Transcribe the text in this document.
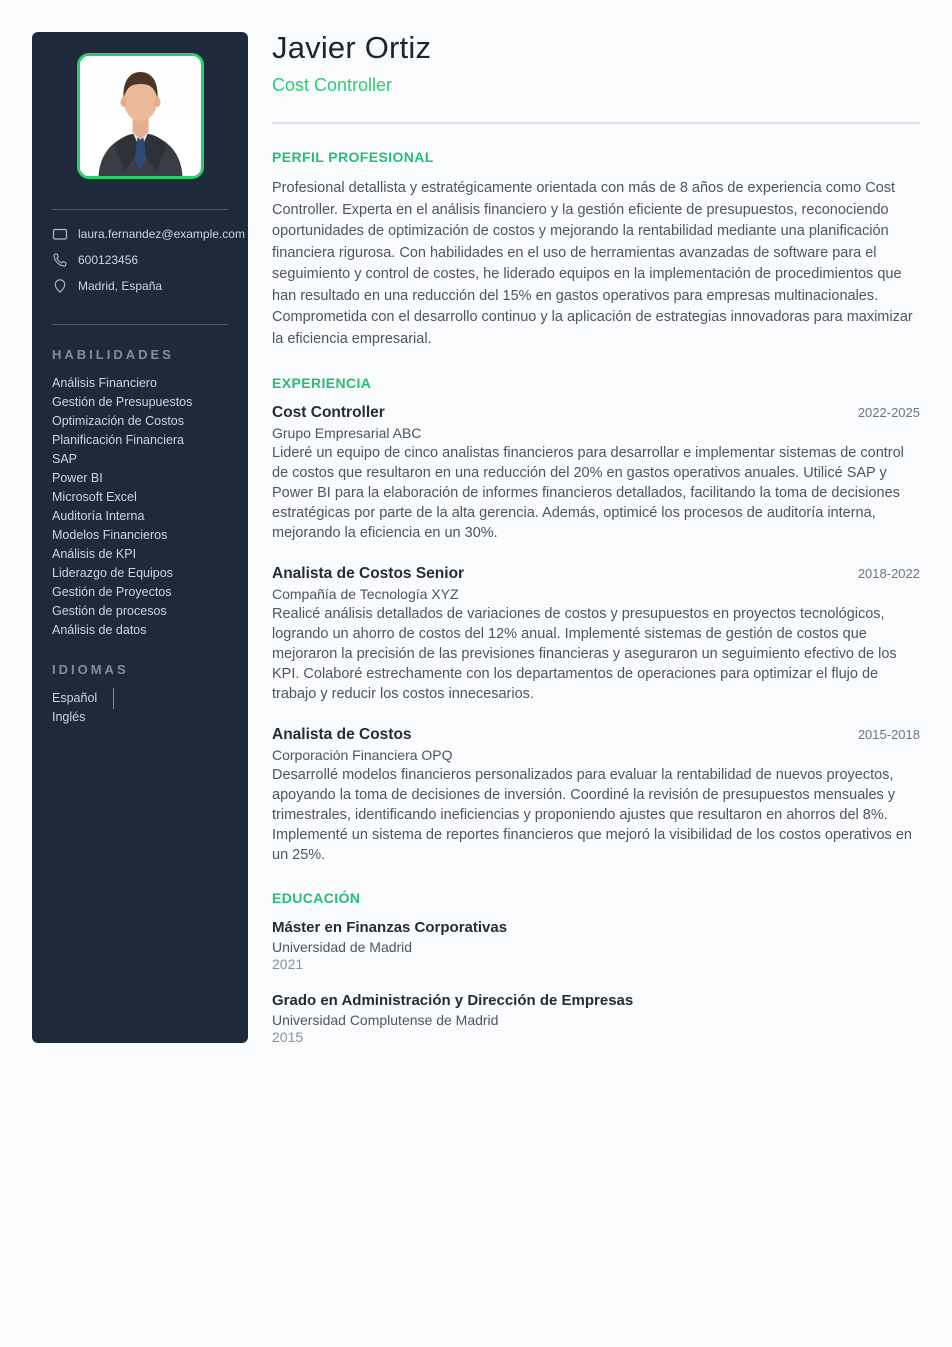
laura.fernandez@example.com
600123456
Madrid, España
HABILIDADES
Análisis Financiero
Gestión de Presupuestos
Optimización de Costos
Planificación Financiera
SAP
Power BI
Microsoft Excel
Auditoría Interna
Modelos Financieros
Análisis de KPI
Liderazgo de Equipos
Gestión de Proyectos
Gestión de procesos
Análisis de datos
IDIOMAS
Español
Inglés
Javier Ortiz
Cost Controller
PERFIL PROFESIONAL

Profesional detallista y estratégicamente orientada con más de 8 años de experiencia como Cost Controller. Experta en el análisis financiero y la gestión eficiente de presupuestos, reconociendo oportunidades de optimización de costos y mejorando la rentabilidad mediante una planificación financiera rigurosa. Con habilidades en el uso de herramientas avanzadas de software para el seguimiento y control de costes, he liderado equipos en la implementación de procedimientos que han resultado en una reducción del 15% en gastos operativos para empresas multinacionales. Comprometida con el desarrollo continuo y la aplicación de estrategias innovadoras para maximizar la eficiencia empresarial.

EXPERIENCIA
Cost Controller	2022-2025
Grupo Empresarial ABC

Lideré un equipo de cinco analistas financieros para desarrollar e implementar sistemas de control de costos que resultaron en una reducción del 20% en gastos operativos anuales. Utilicé SAP y Power BI para la elaboración de informes financieros detallados, facilitando la toma de decisiones estratégicas por parte de la alta gerencia. Además, optimicé los procesos de auditoría interna, mejorando la eficiencia en un 30%.

Analista de Costos Senior	2018-2022
Compañía de Tecnología XYZ

Realicé análisis detallados de variaciones de costos y presupuestos en proyectos tecnológicos, logrando un ahorro de costos del 12% anual. Implementé sistemas de gestión de costos que mejoraron la precisión de las previsiones financieras y aseguraron un seguimiento efectivo de los KPI. Colaboré estrechamente con los departamentos de operaciones para optimizar el flujo de trabajo y reducir los costos innecesarios.

Analista de Costos	2015-2018
Corporación Financiera OPQ

Desarrollé modelos financieros personalizados para evaluar la rentabilidad de nuevos proyectos, apoyando la toma de decisiones de inversión. Coordiné la revisión de presupuestos mensuales y trimestrales, identificando ineficiencias y proponiendo ajustes que resultaron en ahorros del 8%. Implementé un sistema de reportes financieros que mejoró la visibilidad de los costos operativos en un 25%.

EDUCACIÓN
Máster en Finanzas Corporativas
Universidad de Madrid
2021
Grado en Administración y Dirección de Empresas
Universidad Complutense de Madrid
2015
